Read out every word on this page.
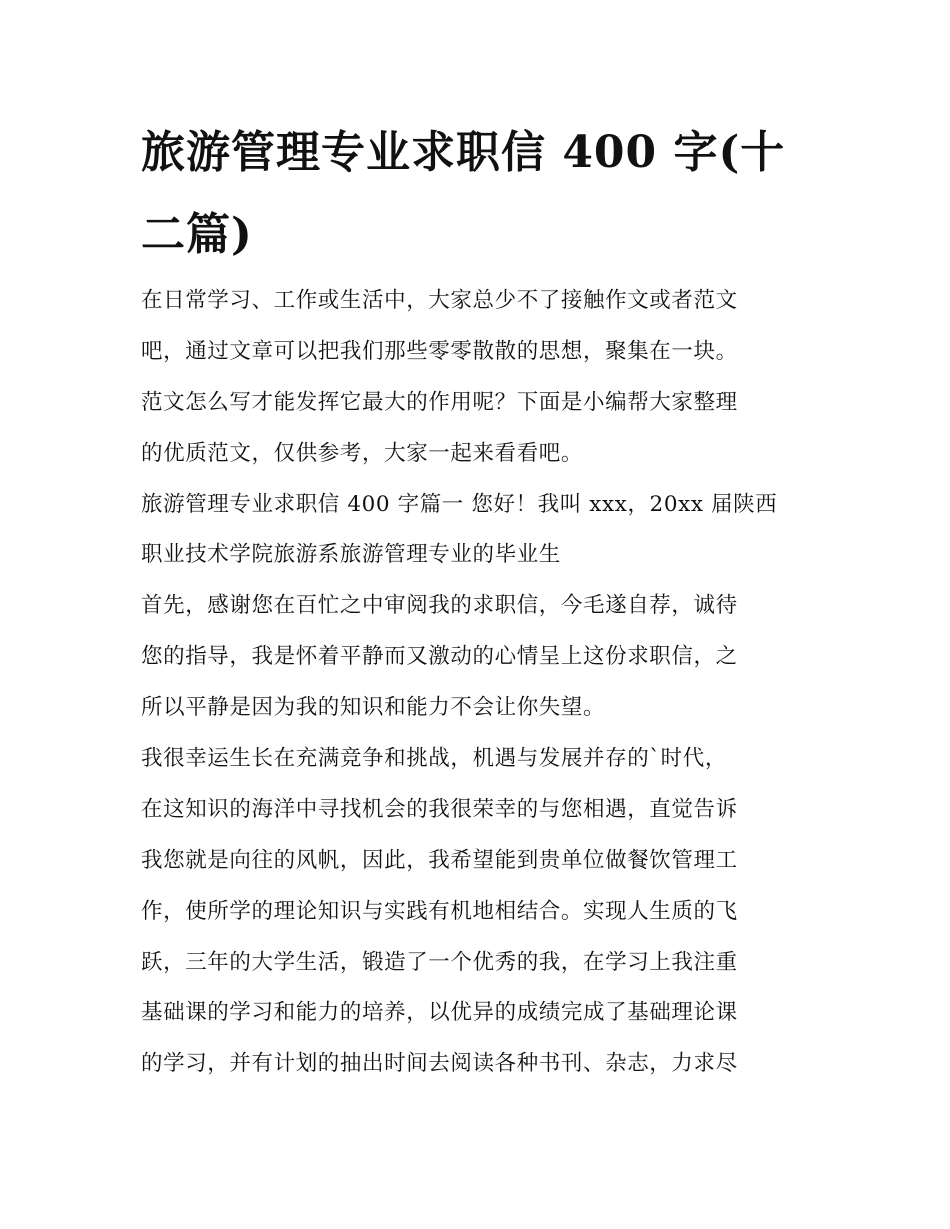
旅游管理专业求职信 400 字(十
二篇)
在日常学习、工作或生活中，大家总少不了接触作文或者范文
吧，通过文章可以把我们那些零零散散的思想，聚集在一块。
范文怎么写才能发挥它最大的作用呢？下面是小编帮大家整理
的优质范文，仅供参考，大家一起来看看吧。
旅游管理专业求职信 400 字篇一 您好！我叫 xxx，20xx 届陕西
职业技术学院旅游系旅游管理专业的毕业生
首先，感谢您在百忙之中审阅我的求职信，今毛遂自荐，诚待
您的指导，我是怀着平静而又激动的心情呈上这份求职信，之
所以平静是因为我的知识和能力不会让你失望。
我很幸运生长在充满竞争和挑战，机遇与发展并存的`时代，
在这知识的海洋中寻找机会的我很荣幸的与您相遇，直觉告诉
我您就是向往的风帆，因此，我希望能到贵单位做餐饮管理工
作，使所学的理论知识与实践有机地相结合。实现人生质的飞
跃，三年的大学生活，锻造了一个优秀的我，在学习上我注重
基础课的学习和能力的培养，以优异的成绩完成了基础理论课
的学习，并有计划的抽出时间去阅读各种书刊、杂志，力求尽
